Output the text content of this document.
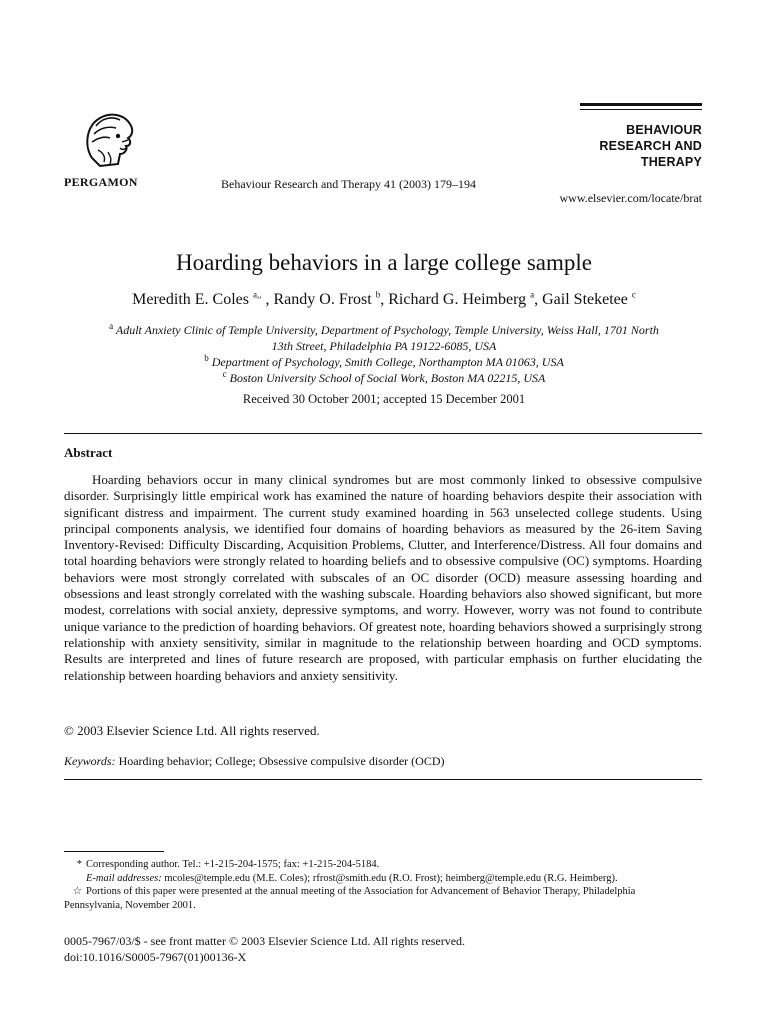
PERGAMON	Behaviour Research and Therapy 41 (2003) 179–194
BEHAVIOUR
RESEARCH AND
THERAPY
www.elsevier.com/locate/brat
Hoarding behaviors in a large college sample
Meredith E. Coles $^{a,,}$ , Randy O. Frost $^b$, Richard G. Heimberg $^a$, Gail Steketee $^c$
$^a$ Adult Anxiety Clinic of Temple University, Department of Psychology, Temple University, Weiss Hall, 1701 North
13th Street, Philadelphia PA 19122-6085, USA
$^b$ Department of Psychology, Smith College, Northampton MA 01063, USA
$^c$ Boston University School of Social Work, Boston MA 02215, USA
Received 30 October 2001; accepted 15 December 2001
Abstract

Hoarding behaviors occur in many clinical syndromes but are most commonly linked to obsessive compulsive disorder. Surprisingly little empirical work has examined the nature of hoarding behaviors despite their association with significant distress and impairment. The current study examined hoarding in 563 unselected college students. Using principal components analysis, we identified four domains of hoarding behaviors as measured by the 26-item Saving Inventory-Revised: Difficulty Discarding, Acquisition Problems, Clutter, and Interference/Distress. All four domains and total hoarding behaviors were strongly related to hoarding beliefs and to obsessive compulsive (OC) symptoms. Hoarding behaviors were most strongly correlated with subscales of an OC disorder (OCD) measure assessing hoarding and obsessions and least strongly correlated with the washing subscale. Hoarding behaviors also showed significant, but more modest, correlations with social anxiety, depressive symptoms, and worry. However, worry was not found to contribute unique variance to the prediction of hoarding behaviors. Of greatest note, hoarding behaviors showed a surprisingly strong relationship with anxiety sensitivity, similar in magnitude to the relationship between hoarding and OCD symptoms. Results are interpreted and lines of future research are proposed, with particular emphasis on further elucidating the relationship between hoarding behaviors and anxiety sensitivity.

© 2003 Elsevier Science Ltd. All rights reserved.
Keywords: Hoarding behavior; College; Obsessive compulsive disorder (OCD)

* Corresponding author. Tel.: +1-215-204-1575; fax: +1-215-204-5184.

E-mail addresses: mcoles@temple.edu (M.E. Coles); rfrost@smith.edu (R.O. Frost); heimberg@temple.edu (R.G. Heimberg).

☆ Portions of this paper were presented at the annual meeting of the Association for Advancement of Behavior Therapy, Philadelphia
Pennsylvania, November 2001.

0005-7967/03/$ - see front matter © 2003 Elsevier Science Ltd. All rights reserved.
doi:10.1016/S0005-7967(01)00136-X
